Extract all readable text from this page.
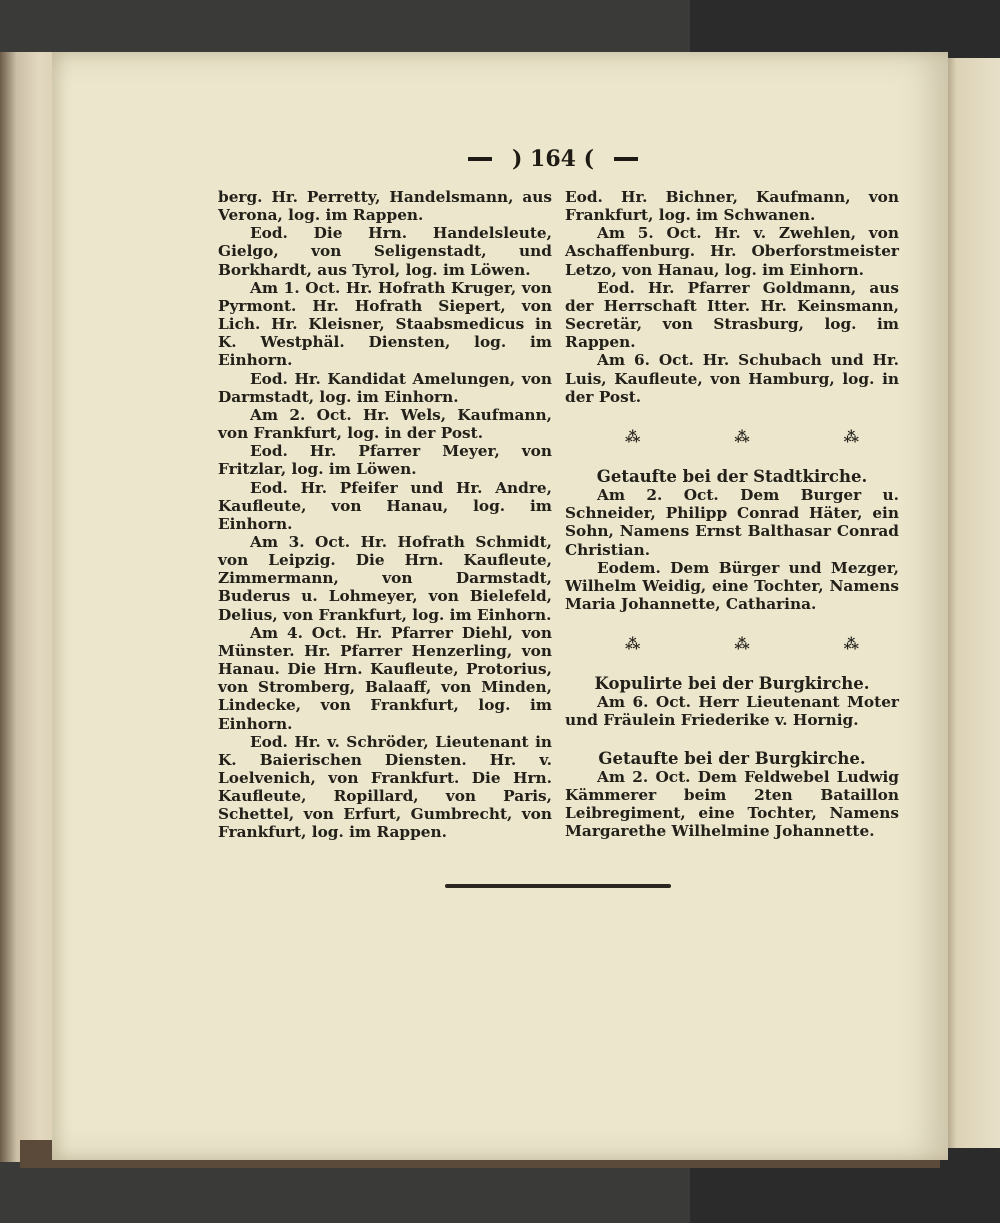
) 164 (

berg. Hr. Perretty, Handelsmann, aus Verona, log. im Rappen.

Eod. Die Hrn. Handelsleute, Gielgo, von Seligenstadt, und Borkhardt, aus Tyrol, log. im Löwen.

Am 1. Oct. Hr. Hofrath Kruger, von Pyrmont. Hr. Hofrath Siepert, von Lich. Hr. Kleisner, Staabsmedicus in K. Westphäl. Diensten, log. im Einhorn.

Eod. Hr. Kandidat Amelungen, von Darmstadt, log. im Einhorn.

Am 2. Oct. Hr. Wels, Kaufmann, von Frankfurt, log. in der Post.

Eod. Hr. Pfarrer Meyer, von Fritzlar, log. im Löwen.

Eod. Hr. Pfeifer und Hr. Andre, Kaufleute, von Hanau, log. im Einhorn.

Am 3. Oct. Hr. Hofrath Schmidt, von Leipzig. Die Hrn. Kaufleute, Zimmermann, von Darmstadt, Buderus u. Lohmeyer, von Bielefeld, Delius, von Frankfurt, log. im Einhorn.

Am 4. Oct. Hr. Pfarrer Diehl, von Münster. Hr. Pfarrer Henzerling, von Hanau. Die Hrn. Kaufleute, Protorius, von Stromberg, Balaaff, von Minden, Lindecke, von Frankfurt, log. im Einhorn.

Eod. Hr. v. Schröder, Lieutenant in K. Baierischen Diensten. Hr. v. Loelvenich, von Frankfurt. Die Hrn. Kaufleute, Ropillard, von Paris, Schettel, von Erfurt, Gumbrecht, von Frankfurt, log. im Rappen.

Eod. Hr. Bichner, Kaufmann, von Frankfurt, log. im Schwanen.

Am 5. Oct. Hr. v. Zwehlen, von Aschaffenburg. Hr. Oberforstmeister Letzo, von Hanau, log. im Einhorn.

Eod. Hr. Pfarrer Goldmann, aus der Herrschaft Itter. Hr. Keinsmann, Secretär, von Strasburg, log. im Rappen.

Am 6. Oct. Hr. Schubach und Hr. Luis, Kaufleute, von Hamburg, log. in der Post.

⁂	⁂	⁂
Getaufte bei der Stadtkirche.

Am 2. Oct. Dem Burger u. Schneider, Philipp Conrad Häter, ein Sohn, Namens Ernst Balthasar Conrad Christian.

Eodem. Dem Bürger und Mezger, Wilhelm Weidig, eine Tochter, Namens Maria Johannette, Catharina.

⁂	⁂	⁂
Kopulirte bei der Burgkirche.

Am 6. Oct. Herr Lieutenant Moter und Fräulein Friederike v. Hornig.

Getaufte bei der Burgkirche.

Am 2. Oct. Dem Feldwebel Ludwig Kämmerer beim 2ten Bataillon Leibregiment, eine Tochter, Namens Margarethe Wilhelmine Johannette.
